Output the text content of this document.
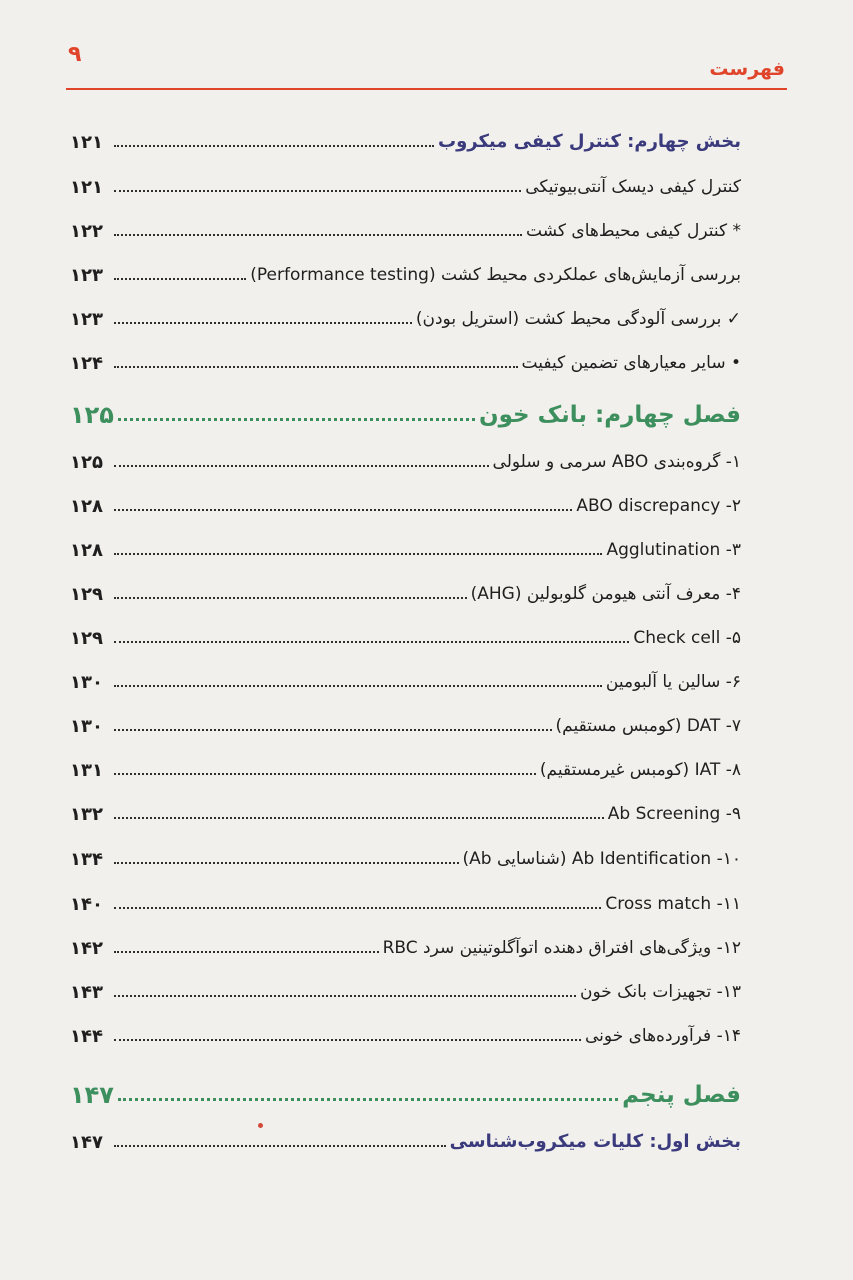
۹
فهرست
بخش چهارم: کنترل کیفی میکروب
۱۲۱
کنترل کیفی دیسک آنتی‌بیوتیکی
۱۲۱
* کنترل کیفی محیط‌های کشت
۱۲۲
بررسی آزمایش‌های عملکردی محیط کشت (Performance testing)
۱۲۳
✓ بررسی آلودگی محیط کشت (استریل بودن)
۱۲۳
• سایر معیارهای تضمین کیفیت
۱۲۴
فصل چهارم: بانک خون
۱۲۵
۱- گروه‌بندی ABO سرمی و سلولی
۱۲۵
۲- ABO discrepancy
۱۲۸
۳- Agglutination
۱۲۸
۴- معرف آنتی هیومن گلوبولین (AHG)
۱۲۹
۵- Check cell
۱۲۹
۶- سالین یا آلبومین
۱۳۰
۷- DAT (کومبس مستقیم)
۱۳۰
۸- IAT (کومبس غیرمستقیم)
۱۳۱
۹- Ab Screening
۱۳۲
۱۰- Ab Identification (شناسایی Ab)
۱۳۴
۱۱- Cross match
۱۴۰
۱۲- ویژگی‌های افتراق دهنده اتوآگلوتینین سرد RBC
۱۴۲
۱۳- تجهیزات بانک خون
۱۴۳
۱۴- فرآورده‌های خونی
۱۴۴
فصل پنجم
۱۴۷
بخش اول: کلیات میکروب‌شناسی
۱۴۷
